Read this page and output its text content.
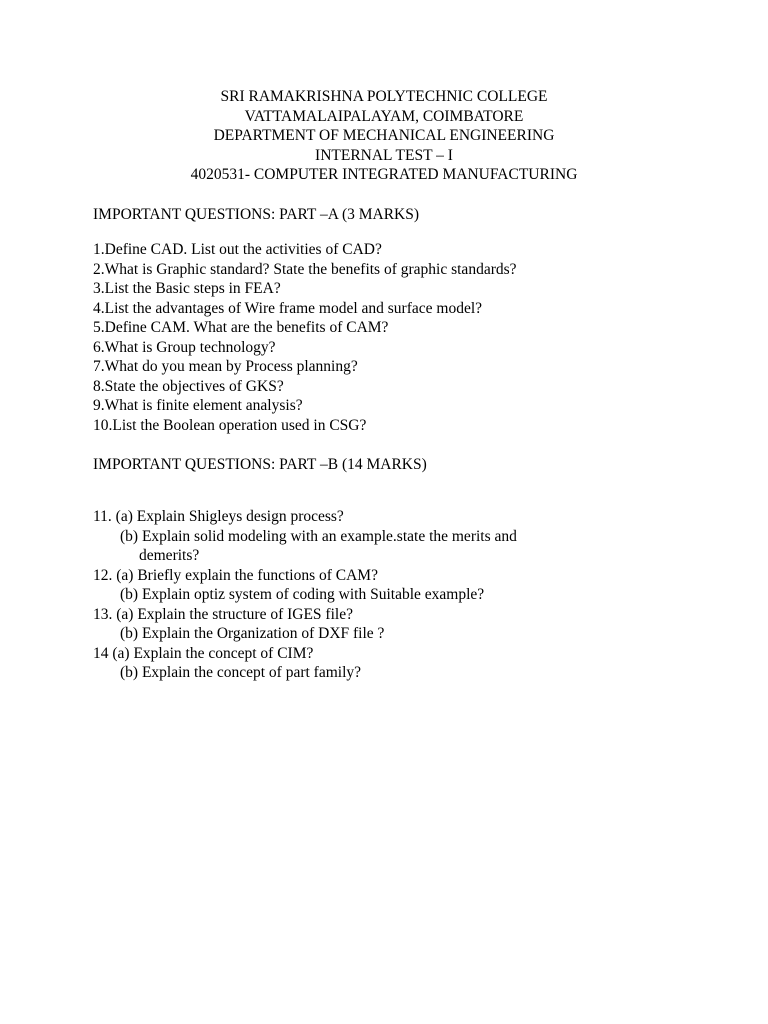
SRI RAMAKRISHNA POLYTECHNIC COLLEGE
VATTAMALAIPALAYAM, COIMBATORE
DEPARTMENT OF MECHANICAL ENGINEERING
INTERNAL TEST – I
4020531- COMPUTER INTEGRATED MANUFACTURING
IMPORTANT QUESTIONS: PART –A (3 MARKS)
1.Define CAD. List out the activities of CAD?
2.What is Graphic standard? State the benefits of graphic standards?
3.List the Basic steps in FEA?
4.List the advantages of Wire frame model and surface model?
5.Define CAM. What are the benefits of CAM?
6.What is Group technology?
7.What do you mean by Process planning?
8.State the objectives of GKS?
9.What is finite element analysis?
10.List the Boolean operation used in CSG?
IMPORTANT QUESTIONS: PART –B (14 MARKS)
11. (a) Explain Shigleys design process?
(b) Explain solid modeling with an example.state the merits and
demerits?
12. (a) Briefly explain the functions of CAM?
(b) Explain optiz system of coding with Suitable example?
13. (a) Explain the structure of IGES file?
(b) Explain the Organization of DXF file ?
14 (a) Explain the concept of CIM?
(b) Explain the concept of part family?
